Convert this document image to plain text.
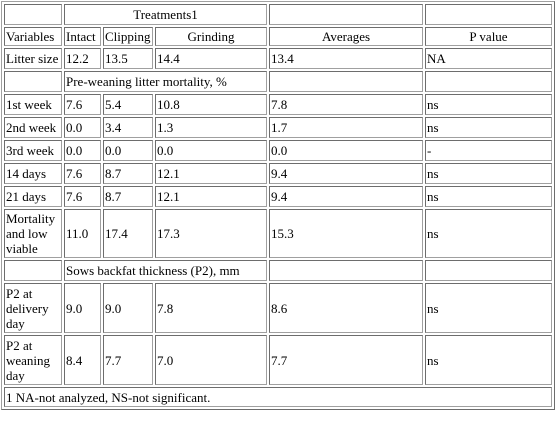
	Treatments1				
Variables	Intact	Clipping	Grinding	Averages	P value
Litter size	12.2	13.5	14.4	13.4	NA
	Pre-weaning litter mortality, %				
1st week	7.6	5.4	10.8	7.8	ns
2nd week	0.0	3.4	1.3	1.7	ns
3rd week	0.0	0.0	0.0	0.0	-
14 days	7.6	8.7	12.1	9.4	ns
21 days	7.6	8.7	12.1	9.4	ns
Mortality and low viable	11.0	17.4	17.3	15.3	ns
	Sows backfat thickness (P2), mm				
P2 at delivery day	9.0	9.0	7.8	8.6	ns
P2 at weaning day	8.4	7.7	7.0	7.7	ns
1 NA-not analyzed, NS-not significant.					
